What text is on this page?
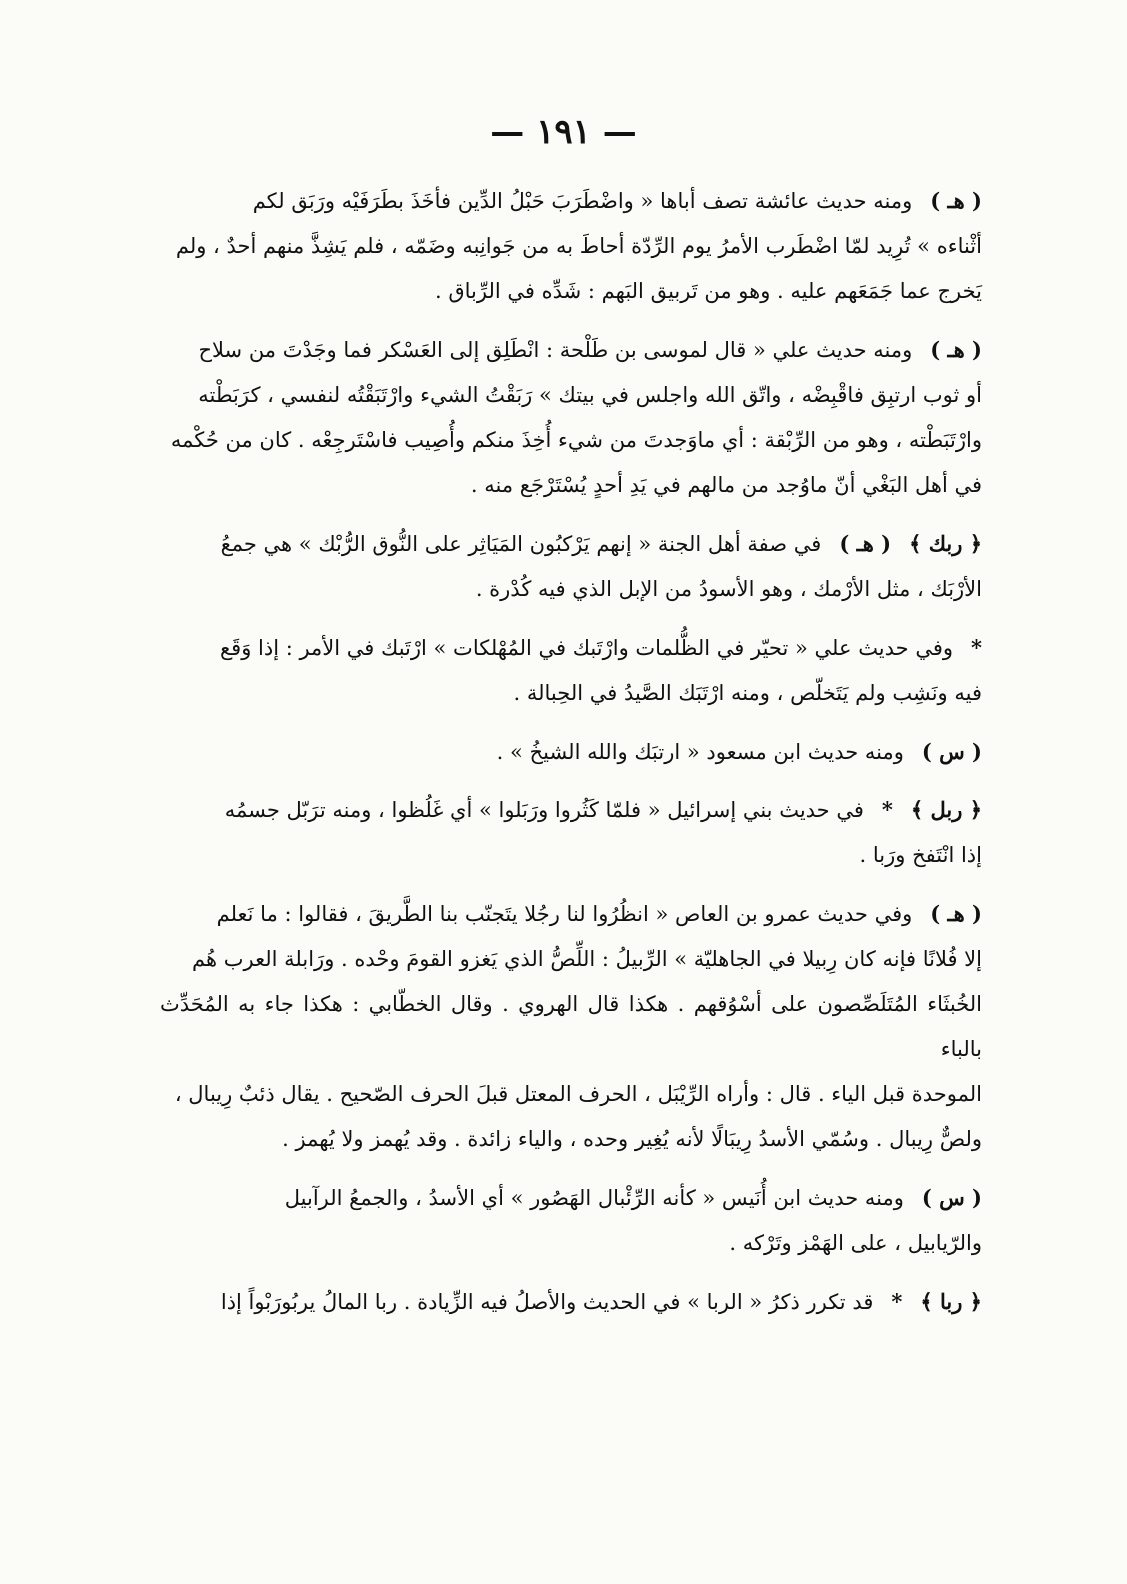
— ١٩١ —
( هـ )ومنه حديث عائشة تصف أباها « واضْطَرَبَ حَبْلُ الدِّين فأخَذَ بطَرَفَيْه ورَبَق لكم
أثْناءه » تُرِيد لمّا اضْطَرب الأمرُ يوم الرِّدّة أحاطَ به من جَوانِبه وضَمّه ، فلم يَشِذَّ منهم أحدٌ ، ولم
يَخرج عما جَمَعَهم عليه . وهو من تَربيق البَهم : شَدِّه في الرِّباق .
( هـ )ومنه حديث علي « قال لموسى بن طَلْحة : انْطَلِق إلى العَسْكر فما وجَدْتَ من سلاح
أو ثوب ارتبِق فاقْبِضْه ، واتّق الله واجلس في بيتك » رَبَقْتُ الشيء وارْتَبَقْتُه لنفسي ، كرَبَطْته
وارْتَبَطْته ، وهو من الرِّبْقة : أي ماوَجدتَ من شيء أُخِذَ منكم وأُصِيب فاسْتَرجِعْه . كان من حُكْمه
في أهل البَغْي أنّ ماوُجد من مالهم في يَدِ أحدٍ يُسْتَرْجَع منه .
﴿ ربك ﴾( هـ )في صفة أهل الجنة « إنهم يَرْكبُون المَيَاثِر على النُّوق الرُّبْك » هي جمعُ
الأرْبَك ، مثل الأرْمك ، وهو الأسودُ من الإبل الذي فيه كُدْرة .
*وفي حديث علي « تحيّر في الظُّلمات وارْتَبك في المُهْلكات » ارْتَبك في الأمر : إذا وَقَع
فيه ونَشِب ولم يَتَخلّص ، ومنه ارْتَبَك الصَّيدُ في الحِبالة .
( س )ومنه حديث ابن مسعود « ارتبَك والله الشيخُ » .
﴿ ربل ﴾*في حديث بني إسرائيل « فلمّا كَثُروا ورَبَلوا » أي غَلُظوا ، ومنه ترَبّل جسمُه
إذا انْتَفخ ورَبا .
( هـ )وفي حديث عمرو بن العاص « انظُرُوا لنا رجُلا يتَجنّب بنا الطَّريقَ ، فقالوا : ما نَعلم
إلا فُلانًا فإنه كان رِبيلا في الجاهليّة » الرِّبيلُ : اللِّصُّ الذي يَغزو القومَ وحْده . ورَابلة العرب هُم
الخُبثَاء المُتَلَصِّصون على أسْوُقهم . هكذا قال الهروي . وقال الخطّابي : هكذا جاء به المُحَدِّث بالباء
الموحدة قبل الياء . قال : وأراه الرِّيْبَل ، الحرف المعتل قبلَ الحرف الصّحيح . يقال ذئبٌ رِيبال ،
ولصٌّ رِيبال . وسُمّي الأسدُ رِيبَالًا لأنه يُغِير وحده ، والياء زائدة . وقد يُهمز ولا يُهمز .
( س )ومنه حديث ابن أُنَيس « كأنه الرِّئْبال الهَصُور » أي الأسدُ ، والجمعُ الرآبيل
والرّيابيل ، على الهَمْز وتَرْكه .
﴿ ربا ﴾*قد تكرر ذكرُ « الربا » في الحديث والأصلُ فيه الزِّيادة . ربا المالُ يربُورَبْواً إذا
